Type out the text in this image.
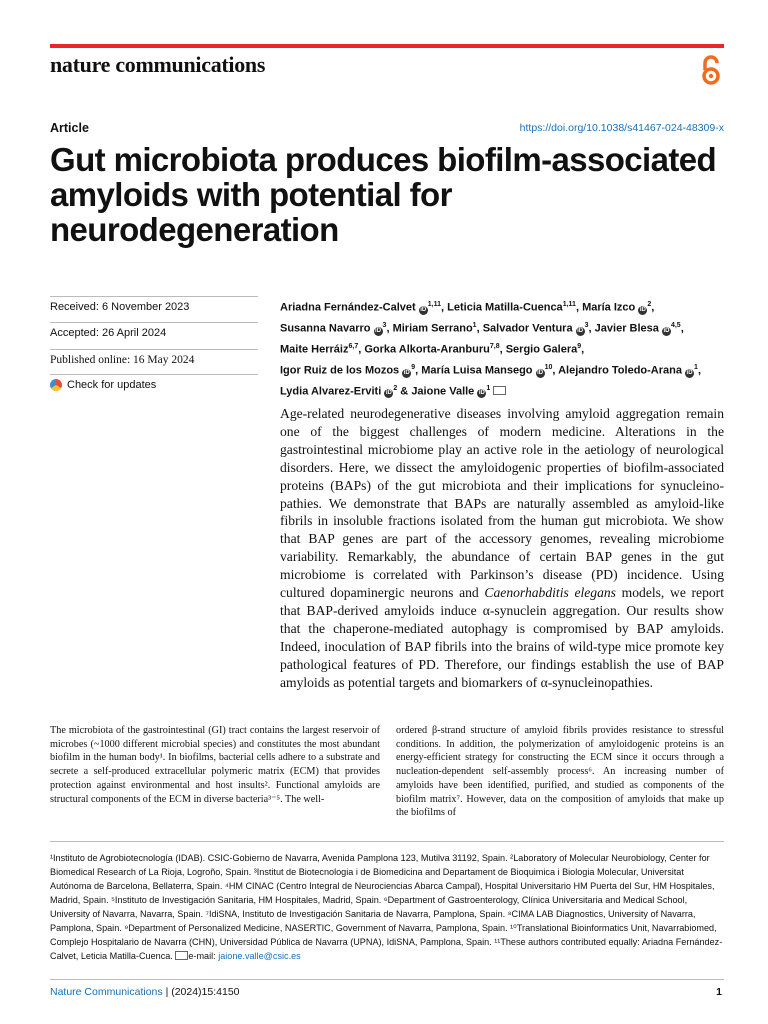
nature communications
Article	https://doi.org/10.1038/s41467-024-48309-x
Gut microbiota produces biofilm-associated amyloids with potential for neurodegeneration
Received: 6 November 2023
Accepted: 26 April 2024
Published online: 16 May 2024
Check for updates
Ariadna Fernández-Calvet iD$^{1,11}$, Leticia Matilla-Cuenca$^{1,11}$, María Izco $iD^2$,
Susanna Navarro $iD^3$, Miriam Serrano$^1$, Salvador Ventura $iD^3$, Javier Blesa iD$^{4,5}$,
Maite Herráiz$^{6,7}$, Gorka Alkorta-Aranburu$^{7,8}$, Sergio Galera$^9$,
Igor Ruiz de los Mozos $iD^9$, María Luisa Mansego $iD^{10}$, Alejandro Toledo-Arana $iD^1$,
Lydia Alvarez-Erviti $iD^2$ & Jaione Valle $iD^1$
Age-related neurodegenerative diseases involving amyloid aggregation remain one of the biggest challenges of modern medicine. Alterations in the gastrointestinal microbiome play an active role in the aetiology of neurological disorders. Here, we dissect the amyloidogenic properties of biofilm-associated proteins (BAPs) of the gut microbiota and their implications for synucleino-pathies. We demonstrate that BAPs are naturally assembled as amyloid-like fibrils in insoluble fractions isolated from the human gut microbiota. We show that BAP genes are part of the accessory genomes, revealing microbiome variability. Remarkably, the abundance of certain BAP genes in the gut microbiome is correlated with Parkinson’s disease (PD) incidence. Using cultured dopaminergic neurons and Caenorhabditis elegans models, we report that BAP-derived amyloids induce α-synuclein aggregation. Our results show that the chaperone-mediated autophagy is compromised by BAP amyloids. Indeed, inoculation of BAP fibrils into the brains of wild-type mice promote key pathological features of PD. Therefore, our findings establish the use of BAP amyloids as potential targets and biomarkers of α-synucleinopathies.
The microbiota of the gastrointestinal (GI) tract contains the largest reservoir of microbes (~1000 different microbial species) and constitutes the most abundant biofilm in the human body¹. In biofilms, bacterial cells adhere to a substrate and secrete a self-produced extracellular polymeric matrix (ECM) that provides protection against environmental and host insults². Functional amyloids are structural components of the ECM in diverse bacteria³⁻⁵. The well-
ordered β-strand structure of amyloid fibrils provides resistance to stressful conditions. In addition, the polymerization of amyloidogenic proteins is an energy-efficient strategy for constructing the ECM since it occurs through a nucleation-dependent self-assembly process⁶. An increasing number of amyloids have been identified, purified, and studied as components of the biofilm matrix⁷. However, data on the composition of amyloids that make up the biofilms of
¹Instituto de Agrobiotecnología (IDAB). CSIC-Gobierno de Navarra, Avenida Pamplona 123, Mutilva 31192, Spain. ²Laboratory of Molecular Neurobiology, Center for Biomedical Research of La Rioja, Logroño, Spain. ³Institut de Biotecnologia i de Biomedicina and Departament de Bioquimica i Biologia Molecular, Universitat Autónoma de Barcelona, Bellaterra, Spain. ⁴HM CINAC (Centro Integral de Neurociencias Abarca Campal), Hospital Universitario HM Puerta del Sur, HM Hospitales, Madrid, Spain. ⁵Instituto de Investigación Sanitaria, HM Hospitales, Madrid, Spain. ⁶Department of Gastroenterology, Clínica Universitaria and Medical School, University of Navarra, Navarra, Spain. ⁷IdiSNA, Instituto de Investigación Sanitaria de Navarra, Pamplona, Spain. ⁸CIMA LAB Diagnostics, University of Navarra, Pamplona, Spain. ⁹Department of Personalized Medicine, NASERTIC, Government of Navarra, Pamplona, Spain. ¹⁰Translational Bioinformatics Unit, Navarrabiomed, Complejo Hospitalario de Navarra (CHN), Universidad Pública de Navarra (UPNA), IdiSNA, Pamplona, Spain. ¹¹These authors contributed equally: Ariadna Fernández-Calvet, Leticia Matilla-Cuenca. e-mail: jaione.valle@csic.es
Nature Communications | (2024)15:4150	1
